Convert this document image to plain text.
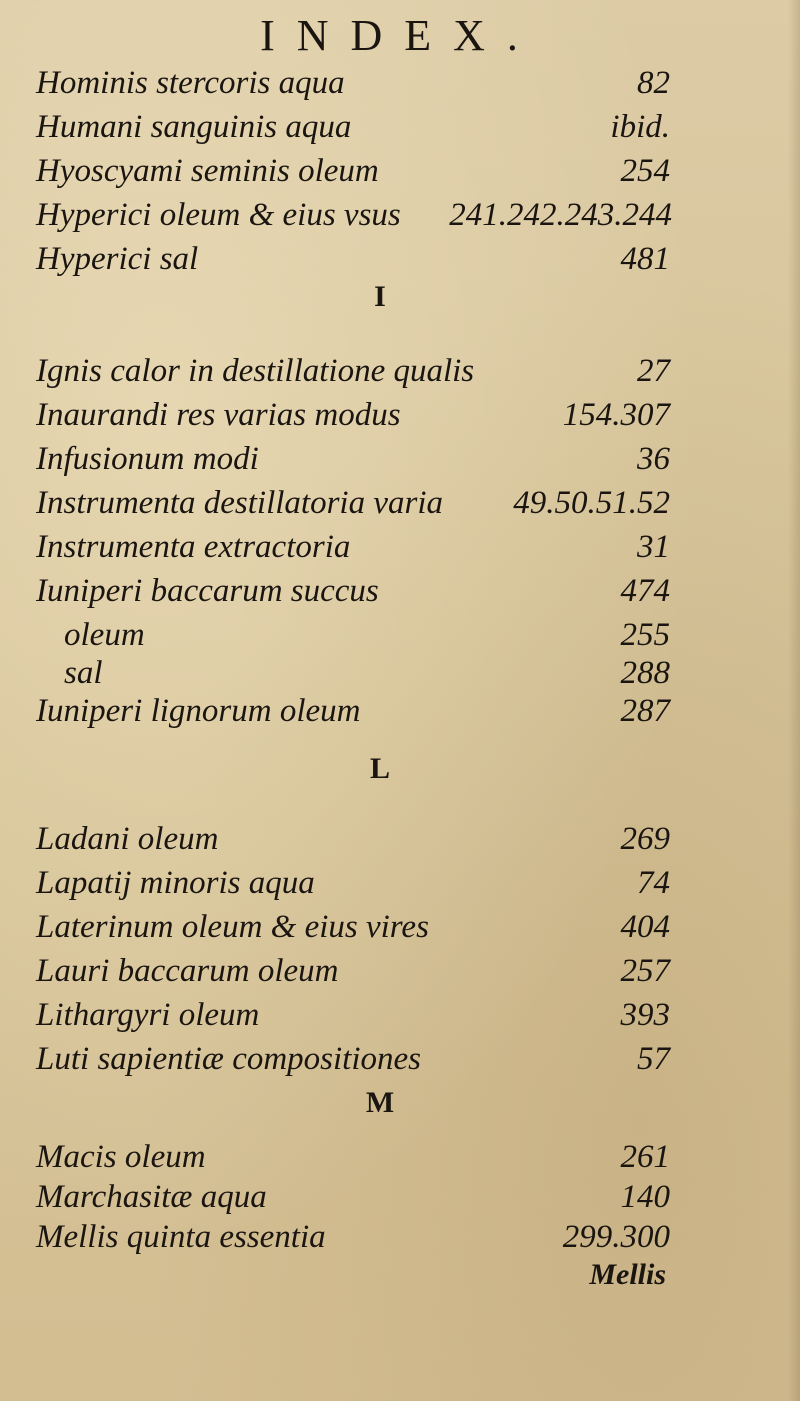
INDEX.
Hominis stercoris aqua	82
Humani sanguinis aqua	ibid.
Hyoscyami seminis oleum	254
Hyperici oleum & eius vsus 241.242.243.244
Hyperici sal	481
I
Ignis calor in destillatione qualis	27
Inaurandi res varias modus	154.307
Infusionum modi	36
Instrumenta destillatoria varia 49.50.51.52
Instrumenta extractoria	31
Iuniperi baccarum succus	474
oleum	255
sal	288
Iuniperi lignorum oleum	287
L
Ladani oleum	269
Lapatij minoris aqua	74
Laterinum oleum & eius vires	404
Lauri baccarum oleum	257
Lithargyri oleum	393
Luti sapientiæ compositiones	57
M
Macis oleum	261
Marchasitæ aqua	140
Mellis quinta essentia	299.300
Mellis
